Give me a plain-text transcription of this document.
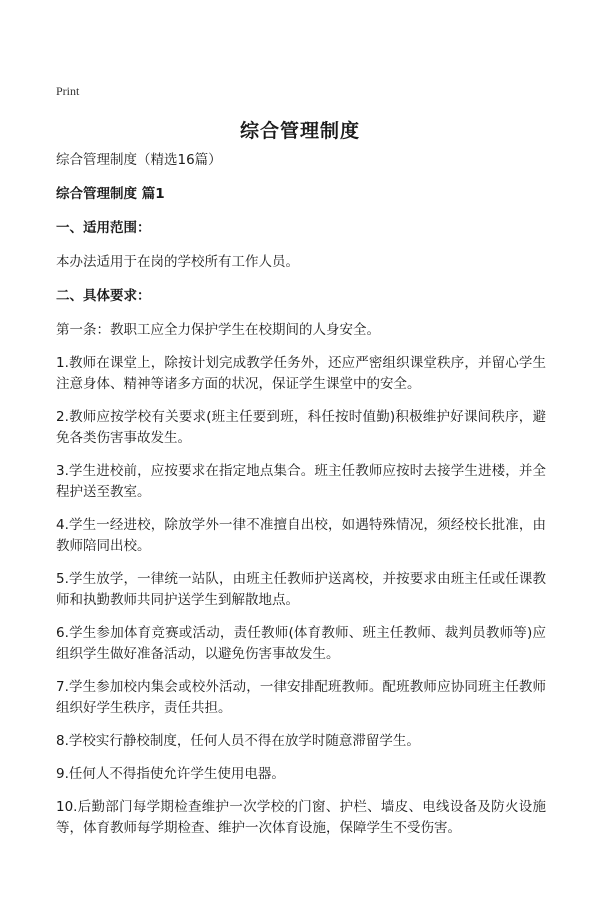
Print
综合管理制度

综合管理制度（精选16篇）

综合管理制度 篇1

一、适用范围：

本办法适用于在岗的学校所有工作人员。

二、具体要求：

第一条：教职工应全力保护学生在校期间的人身安全。

1.教师在课堂上，除按计划完成教学任务外，还应严密组织课堂秩序，并留心学生注意身体、精神等诸多方面的状况，保证学生课堂中的安全。

2.教师应按学校有关要求(班主任要到班，科任按时值勤)积极维护好课间秩序，避免各类伤害事故发生。

3.学生进校前，应按要求在指定地点集合。班主任教师应按时去接学生进楼，并全程护送至教室。

4.学生一经进校，除放学外一律不准擅自出校，如遇特殊情况，须经校长批准，由教师陪同出校。

5.学生放学，一律统一站队，由班主任教师护送离校，并按要求由班主任或任课教师和执勤教师共同护送学生到解散地点。

6.学生参加体育竞赛或活动，责任教师(体育教师、班主任教师、裁判员教师等)应组织学生做好准备活动，以避免伤害事故发生。

7.学生参加校内集会或校外活动，一律安排配班教师。配班教师应协同班主任教师组织好学生秩序，责任共担。

8.学校实行静校制度，任何人员不得在放学时随意滞留学生。

9.任何人不得指使允许学生使用电器。

10.后勤部门每学期检查维护一次学校的门窗、护栏、墙皮、电线设备及防火设施等，体育教师每学期检查、维护一次体育设施，保障学生不受伤害。
